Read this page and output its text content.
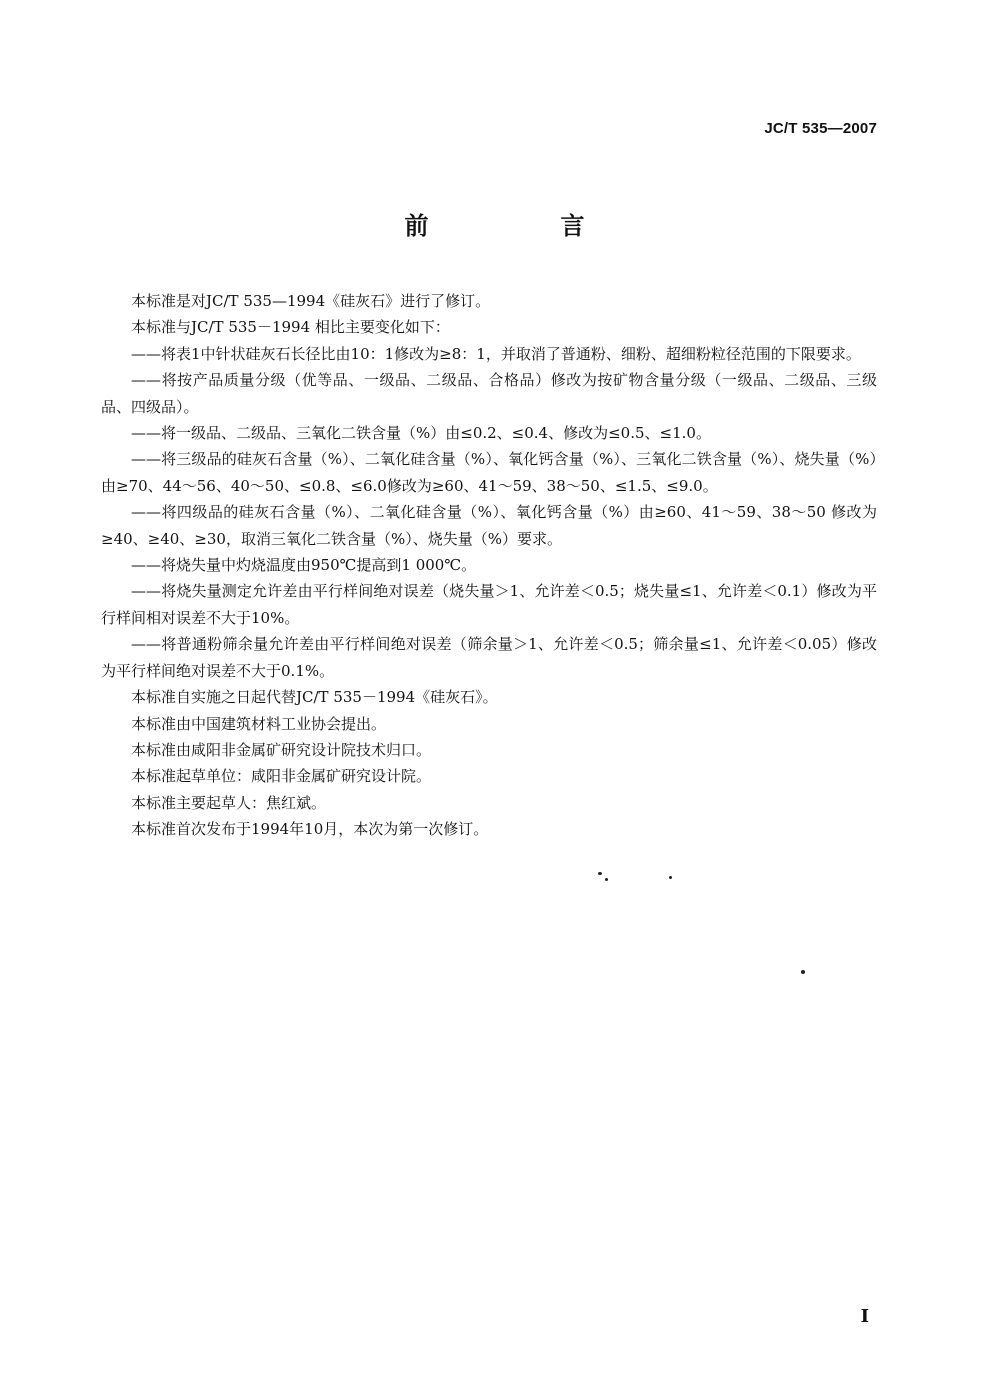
JC/T 535—2007
前　言

本标准是对JC/T 535—1994《硅灰石》进行了修订。

本标准与JC/T 535－1994 相比主要变化如下：

——将表1中针状硅灰石长径比由10：1修改为≥8：1，并取消了普通粉、细粉、超细粉粒径范围的下限要求。

——将按产品质量分级（优等品、一级品、二级品、合格品）修改为按矿物含量分级（一级品、二级品、三级品、四级品）。

——将一级品、二级品、三氧化二铁含量（%）由≤0.2、≤0.4、修改为≤0.5、≤1.0。

——将三级品的硅灰石含量（%）、二氧化硅含量（%）、氧化钙含量（%）、三氧化二铁含量（%）、烧失量（%）由≥70、44～56、40～50、≤0.8、≤6.0修改为≥60、41～59、38～50、≤1.5、≤9.0。

——将四级品的硅灰石含量（%）、二氧化硅含量（%）、氧化钙含量（%）由≥60、41～59、38～50 修改为≥40、≥40、≥30，取消三氧化二铁含量（%）、烧失量（%）要求。

——将烧失量中灼烧温度由950℃提高到1 000℃。

——将烧失量测定允许差由平行样间绝对误差（烧失量＞1、允许差＜0.5；烧失量≤1、允许差＜0.1）修改为平行样间相对误差不大于10%。

——将普通粉筛余量允许差由平行样间绝对误差（筛余量＞1、允许差＜0.5；筛余量≤1、允许差＜0.05）修改为平行样间绝对误差不大于0.1%。

本标准自实施之日起代替JC/T 535－1994《硅灰石》。

本标准由中国建筑材料工业协会提出。

本标准由咸阳非金属矿研究设计院技术归口。

本标准起草单位：咸阳非金属矿研究设计院。

本标准主要起草人：焦红斌。

本标准首次发布于1994年10月，本次为第一次修订。

I
